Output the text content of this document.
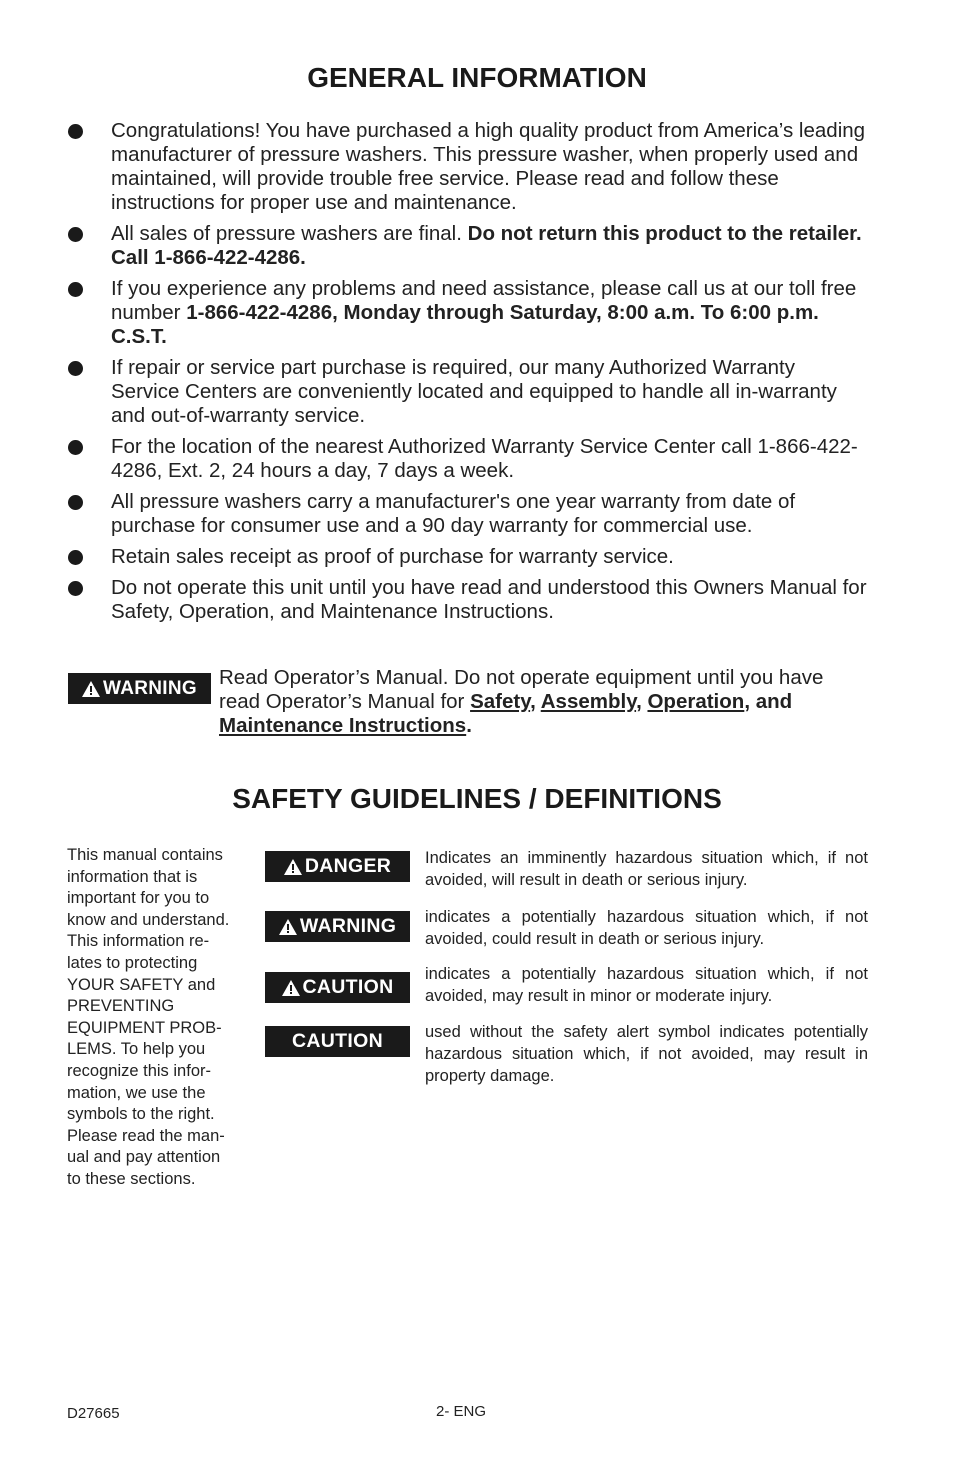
GENERAL INFORMATION
Congratulations! You have purchased a high quality product from America’s leading manufacturer of pressure washers. This pressure washer, when properly used and maintained, will provide trouble free service. Please read and follow these instructions for proper use and maintenance.
All sales of pressure washers are final. Do not return this product to the retailer. Call 1-866-422-4286.
If you experience any problems and need assistance, please call us at our toll free number 1-866-422-4286, Monday through Saturday, 8:00 a.m. To 6:00 p.m. C.S.T.
If repair or service part purchase is required, our many Authorized Warranty Service Centers are conveniently located and equipped to handle all in-warranty and out-of-warranty service.
For the location of the nearest Authorized Warranty Service Center call 1-866-422-4286, Ext. 2, 24 hours a day, 7 days a week.
All pressure washers carry a manufacturer's one year warranty from date of purchase for consumer use and a 90 day warranty for commercial use.
Retain sales receipt as proof of purchase for warranty service.
Do not operate this unit until you have read and understood this Owners Manual for Safety, Operation, and Maintenance Instructions.
WARNING Read Operator’s Manual. Do not operate equipment until you have read Operator’s Manual for Safety, Assembly, Operation, and Maintenance Instructions.
SAFETY GUIDELINES / DEFINITIONS
This manual contains
information that is
important for you to
know and understand.
This information re-
lates to protecting
YOUR SAFETY and
PREVENTING
EQUIPMENT PROB-
LEMS. To help you
recognize this infor-
mation, we use the
symbols to the right.
Please read the man-
ual and pay attention
to these sections.
DANGER Indicates an imminently hazardous situation which, if not avoided, will result in death or serious injury.
WARNING indicates a potentially hazardous situation which, if not avoided, could result in death or serious injury.
CAUTION
indicates a potentially hazardous situation which, if not avoided, may result in minor or moderate injury.
CAUTION	used without the safety alert symbol indicates potentially hazardous situation which, if not avoided, may result in property damage.
D27665	2- ENG
